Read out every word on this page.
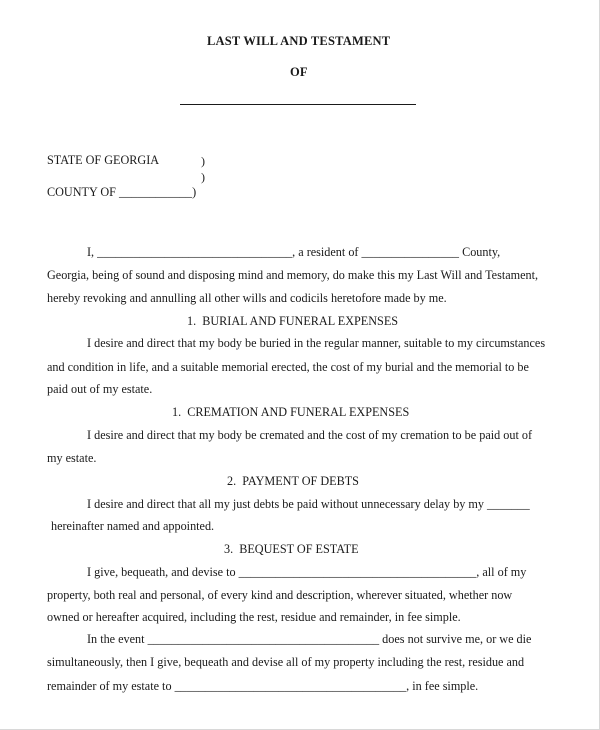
LAST WILL AND TESTAMENT
OF
STATE OF GEORGIA	)
)
COUNTY OF ____________)
I, ________________________________, a resident of ________________ County,
Georgia, being of sound and disposing mind and memory, do make this my Last Will and Testament,
hereby revoking and annulling all other wills and codicils heretofore made by me.
1.  BURIAL AND FUNERAL EXPENSES
I desire and direct that my body be buried in the regular manner, suitable to my circumstances
and condition in life, and a suitable memorial erected, the cost of my burial and the memorial to be
paid out of my estate.
1.  CREMATION AND FUNERAL EXPENSES
I desire and direct that my body be cremated and the cost of my cremation to be paid out of
my estate.
2.  PAYMENT OF DEBTS
I desire and direct that all my just debts be paid without unnecessary delay by my _______
hereinafter named and appointed.
3.  BEQUEST OF ESTATE
I give, bequeath, and devise to _______________________________________, all of my
property, both real and personal, of every kind and description, wherever situated, whether now
owned or hereafter acquired, including the rest, residue and remainder, in fee simple.
In the event ______________________________________ does not survive me, or we die
simultaneously, then I give, bequeath and devise all of my property including the rest, residue and
remainder of my estate to ______________________________________, in fee simple.
